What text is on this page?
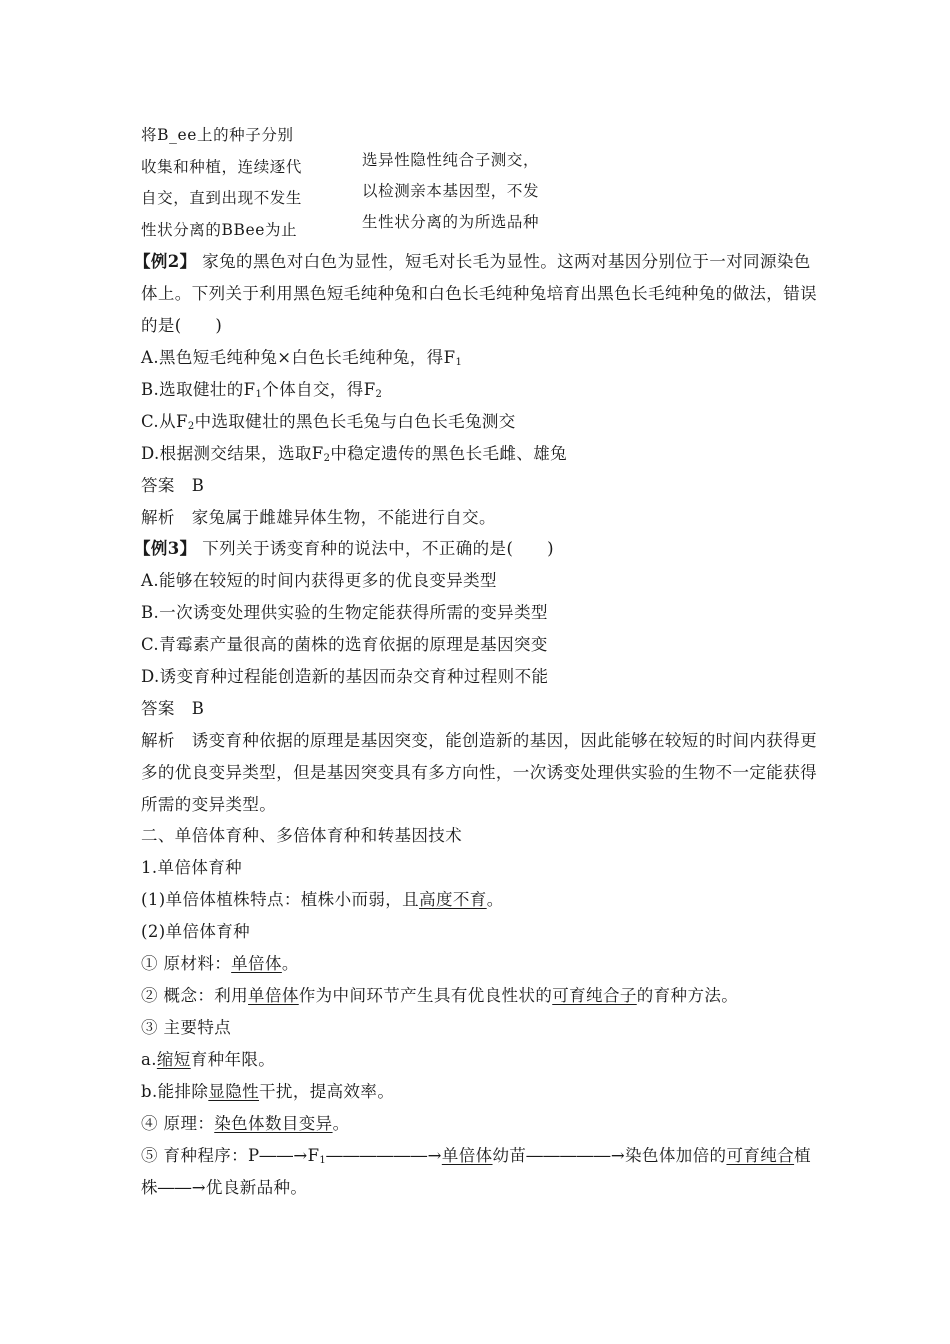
将B_ee上的种子分别
收集和种植，连续逐代
自交，直到出现不发生
性状分离的BBee为止
选异性隐性纯合子测交，
以检测亲本基因型，不发
生性状分离的为所选品种
【例2】 家兔的黑色对白色为显性，短毛对长毛为显性。这两对基因分别位于一对同源染色
体上。下列关于利用黑色短毛纯种兔和白色长毛纯种兔培育出黑色长毛纯种兔的做法，错误
的是(　　)
A.黑色短毛纯种兔×白色长毛纯种兔，得$F_1$
B.选取健壮的$F_1$个体自交，得$F_2$
C.从$F_2$中选取健壮的黑色长毛兔与白色长毛兔测交
D.根据测交结果，选取$F_2$中稳定遗传的黑色长毛雌、雄兔
答案　B
解析　家兔属于雌雄异体生物，不能进行自交。
【例3】 下列关于诱变育种的说法中，不正确的是(　　)
A.能够在较短的时间内获得更多的优良变异类型
B.一次诱变处理供实验的生物定能获得所需的变异类型
C.青霉素产量很高的菌株的选育依据的原理是基因突变
D.诱变育种过程能创造新的基因而杂交育种过程则不能
答案　B
解析　诱变育种依据的原理是基因突变，能创造新的基因，因此能够在较短的时间内获得更
多的优良变异类型，但是基因突变具有多方向性，一次诱变处理供实验的生物不一定能获得
所需的变异类型。
二、单倍体育种、多倍体育种和转基因技术
1.单倍体育种
(1)单倍体植株特点：植株小而弱，且高度不育。
(2)单倍体育种
① 原材料：单倍体。
② 概念：利用单倍体作为中间环节产生具有优良性状的可育纯合子的育种方法。
③ 主要特点
a.缩短育种年限。
b.能排除显隐性干扰，提高效率。
④ 原理：染色体数目变异。
⑤ 育种程序：$P――\to F_1――――――\to$单倍体幼苗―――――→染色体加倍的可育纯合植
株――→优良新品种。
